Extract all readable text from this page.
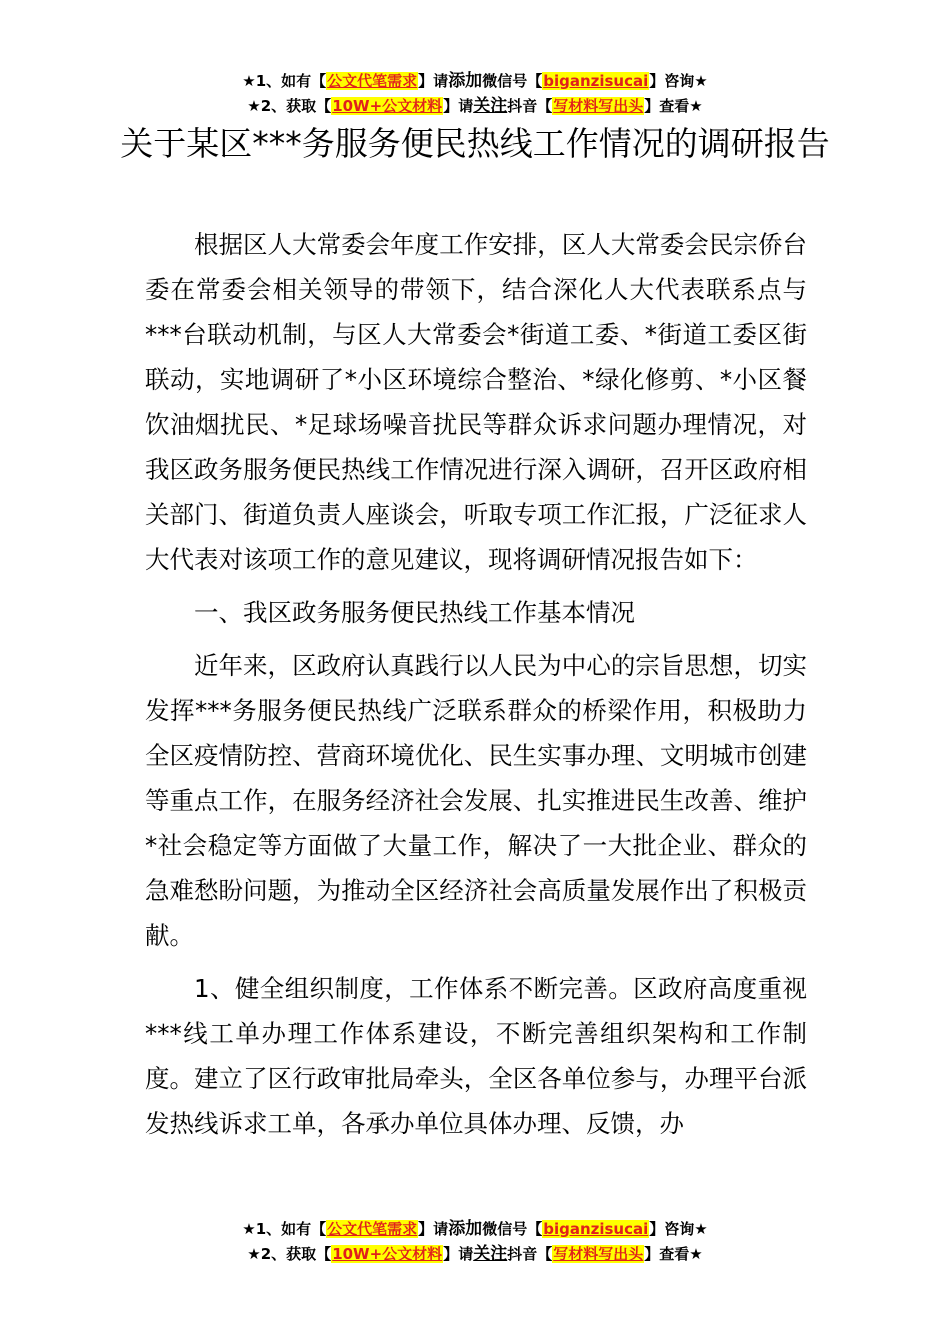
★1、如有【公文代笔需求】请添加微信号【biganzisucai】咨询★
★2、获取【10W+公文材料】请关注抖音【写材料写出头】查看★
关于某区***务服务便民热线工作情况的调研报告

根据区人大常委会年度工作安排，区人大常委会民宗侨台委在常委会相关领导的带领下，结合深化人大代表联系点与***台联动机制，与区人大常委会*街道工委、*街道工委区街联动，实地调研了*小区环境综合整治、*绿化修剪、*小区餐饮油烟扰民、*足球场噪音扰民等群众诉求问题办理情况，对我区政务服务便民热线工作情况进行深入调研，召开区政府相关部门、街道负责人座谈会，听取专项工作汇报，广泛征求人大代表对该项工作的意见建议，现将调研情况报告如下：

一、我区政务服务便民热线工作基本情况

近年来，区政府认真践行以人民为中心的宗旨思想，切实发挥***务服务便民热线广泛联系群众的桥梁作用，积极助力全区疫情防控、营商环境优化、民生实事办理、文明城市创建等重点工作，在服务经济社会发展、扎实推进民生改善、维护*社会稳定等方面做了大量工作，解决了一大批企业、群众的急难愁盼问题，为推动全区经济社会高质量发展作出了积极贡献。

1、健全组织制度，工作体系不断完善。区政府高度重视***线工单办理工作体系建设，不断完善组织架构和工作制度。建立了区行政审批局牵头，全区各单位参与，办理平台派发热线诉求工单，各承办单位具体办理、反馈，办

★1、如有【公文代笔需求】请添加微信号【biganzisucai】咨询★
★2、获取【10W+公文材料】请关注抖音【写材料写出头】查看★
